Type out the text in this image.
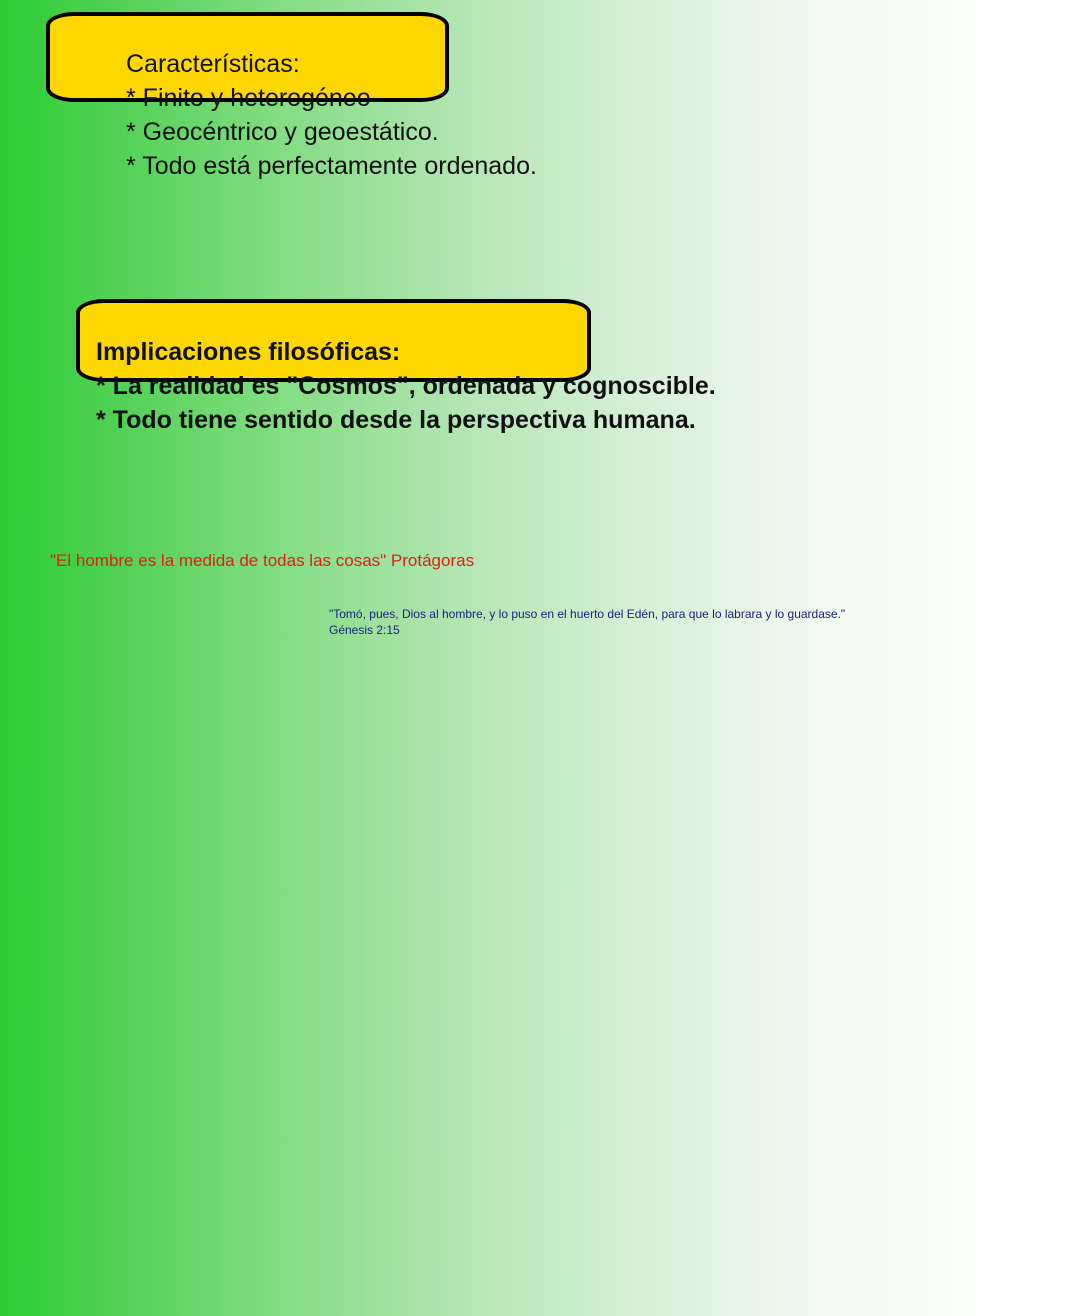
Características:
* Finito y heterogéneo
* Geocéntrico y geoestático.
* Todo está perfectamente ordenado.
Implicaciones filosóficas:
* La realidad es "Cosmos", ordenada y cognoscible.
* Todo tiene sentido desde la perspectiva humana.
"El hombre es la medida de todas las cosas" Protágoras
"Tomó, pues, Dios al hombre, y lo puso en el huerto del Edén, para que lo labrara y lo guardase."
Génesis 2:15
